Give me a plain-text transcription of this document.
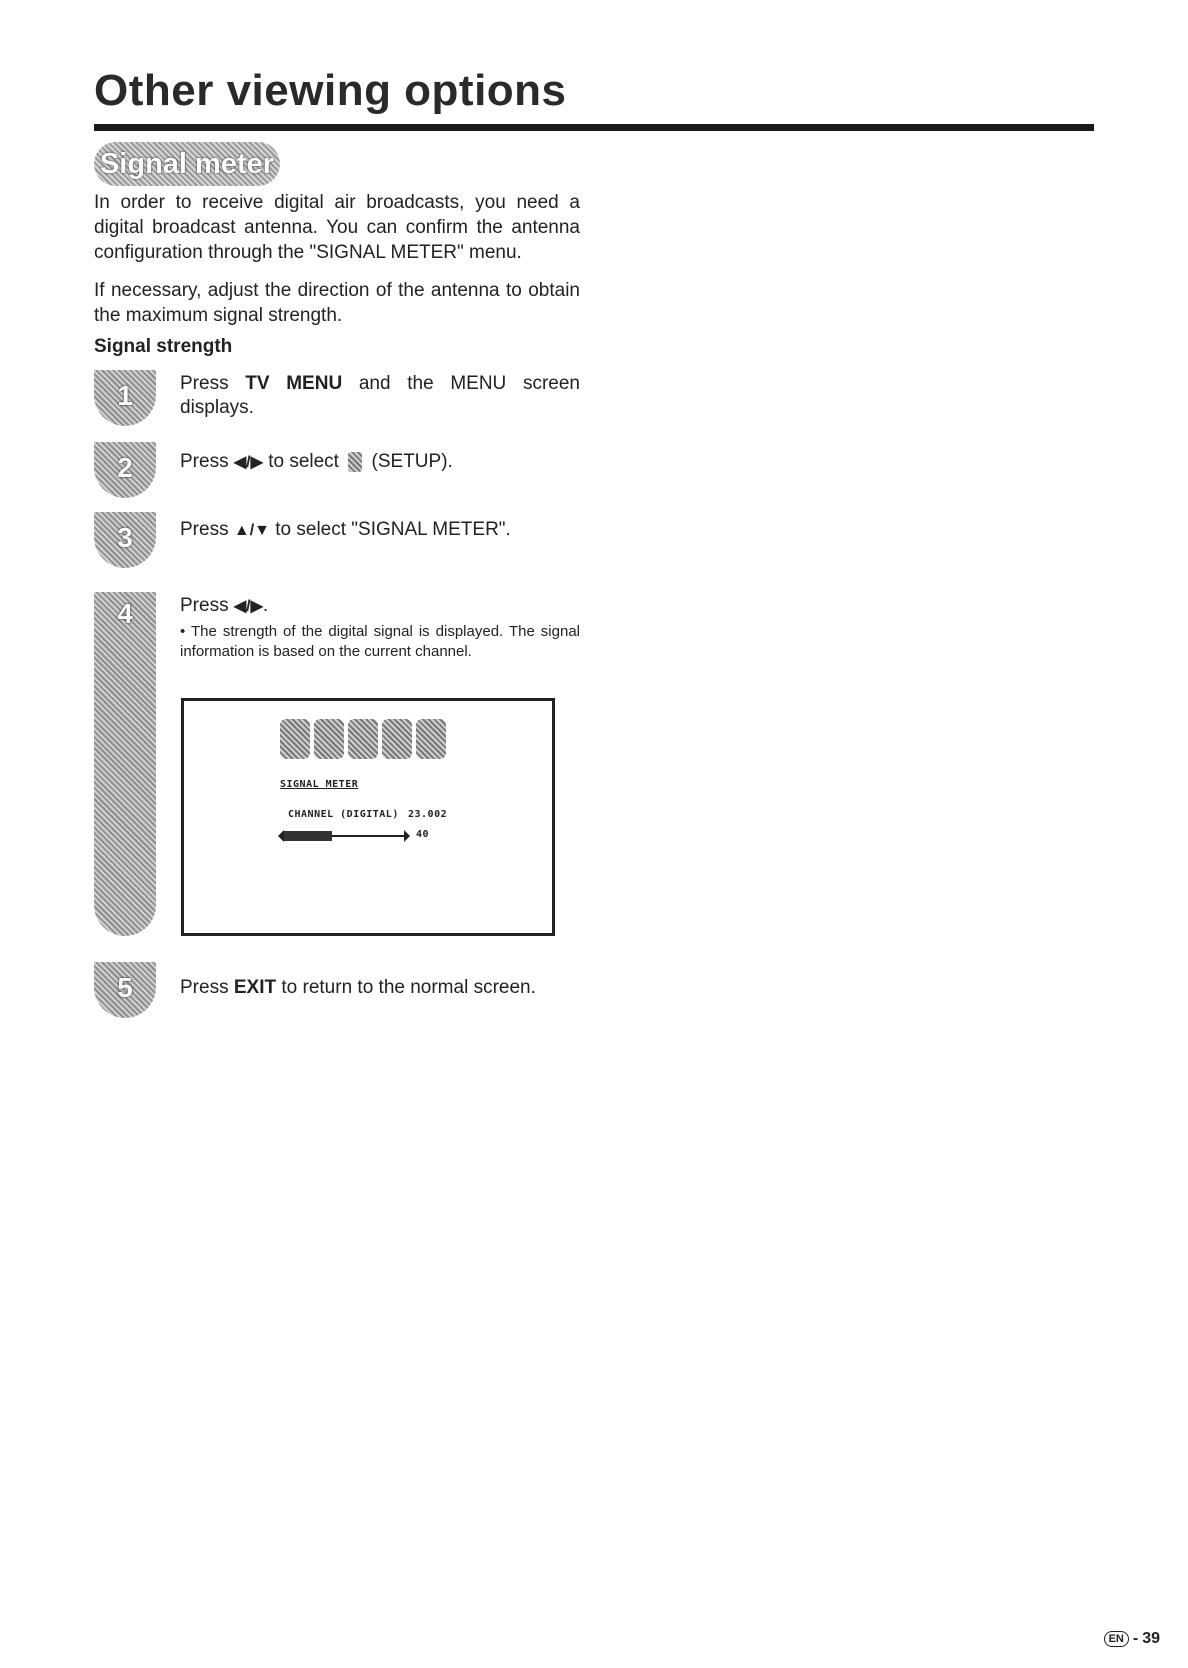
Other viewing options
Signal meter

In order to receive digital air broadcasts, you need a digital broadcast antenna. You can confirm the antenna configuration through the "SIGNAL METER" menu.

If necessary, adjust the direction of the antenna to obtain the maximum signal strength.

Signal strength

1	Press TV MENU and the MENU screen displays.

2	Press ◀/▶ to select  (SETUP).

3	Press ▲/▼ to select "SIGNAL METER".

4	Press ◀/▶.

• The strength of the digital signal is displayed. The signal information is based on the current channel.

SIGNAL METER
CHANNEL (DIGITAL) 23.002
40
5	Press EXIT to return to the normal screen.

EN - 39
